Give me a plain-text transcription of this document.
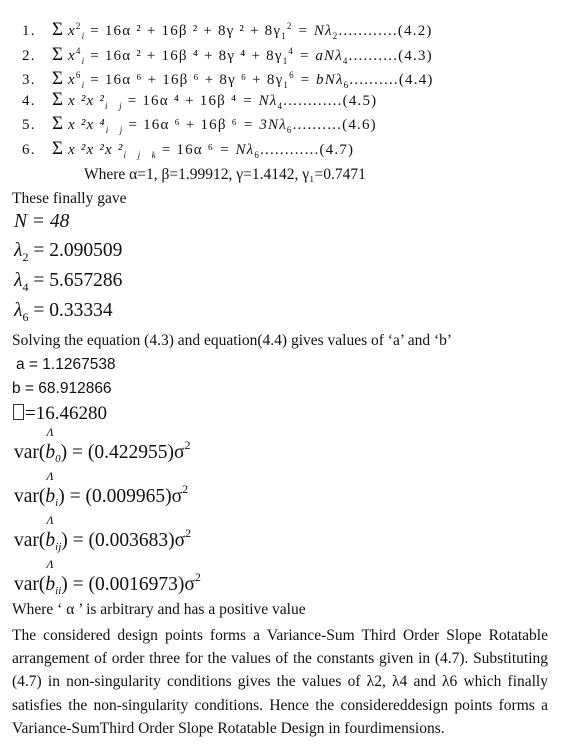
1. Σ $x^2_i = 16\alpha$ ² + 16β ² + 8γ $^2 + 8\gamma_1^2 = N\lambda_2............(4.2)$
2. Σ $x^4_i = 16\alpha$ ² + 16β ⁴ + 8γ $^4 + 8\gamma_1^4 = aN\lambda_4..........(4.3)$
3. Σ $x^6_i = 16\alpha$ ⁶ + 16β ⁶ + 8γ $^6 + 8\gamma_1^6 = bN\lambda_6..........(4.4)$
4. Σ x ²x $^2_{i j} = 16\alpha$ ⁴ + 16β $^4 = N\lambda_4............(4.5)$
5. Σ x ²x $^4_{i j} = 16\alpha$ ⁶ + 16β $^6 = 3N\lambda_6..........(4.6)$
6. Σ x ²x ²x $^2_{i j k} = 16\alpha$ $^6 = N\lambda_6............(4.7)$
Where α=1, β=1.99912, γ=1.4142, γ₁=0.7471
These finally gave
N = 48
$\lambda_2 = 2.090509$
$\lambda_4 = 5.657286$
$\lambda_6 = 0.33334$
Solving the equation (4.3) and equation(4.4) gives values of ‘a’ and ‘b’
a = 1.1267538
b = 68.912866
=16.46280
var(
Λ
$b_0) = (0.422955)\sigma^2$
var(
Λ
$b_i) = (0.009965)\sigma^2$
var(
Λ
$b_{ij}) = (0.003683)\sigma^2$
var(
Λ
$b_{ii}) = (0.0016973)\sigma^2$
Where ‘ α ’ is arbitrary and has a positive value
The considered design points forms a Variance-Sum Third Order Slope Rotatable arrangement of order three for the values of the constants given in (4.7). Substituting (4.7) in non-singularity conditions gives the values of λ2, λ4 and λ6 which finally satisfies the non-singularity conditions. Hence the considereddesign points forms a Variance-SumThird Order Slope Rotatable Design in fourdimensions.
